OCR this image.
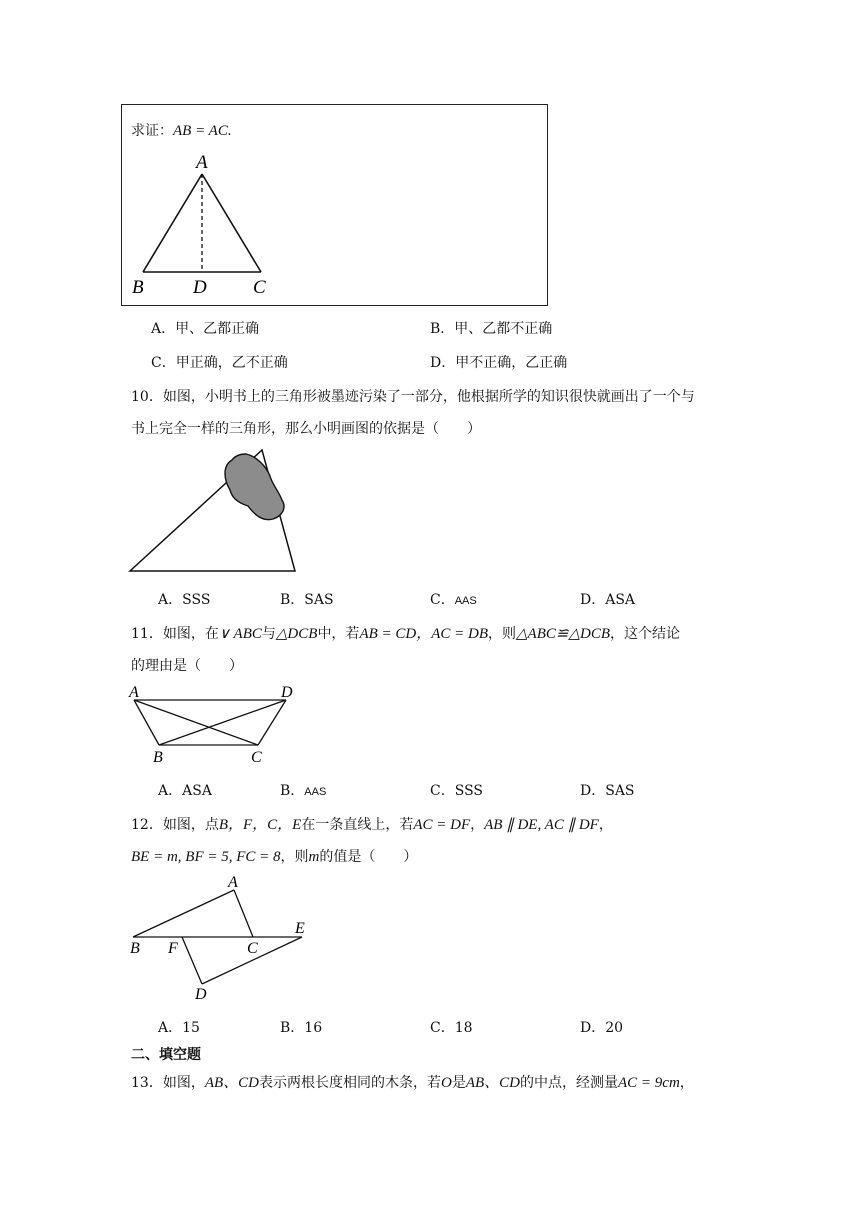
求证：AB = AC.
A
B	D C
A．甲、乙都正确	B．甲、乙都不正确
C．甲正确，乙不正确	D．甲不正确，乙正确
10．如图，小明书上的三角形被墨迹污染了一部分，他根据所学的知识很快就画出了一个与
书上完全一样的三角形，那么小明画图的依据是（　　）
A．SSS	B．SAS	C．AAS	D．ASA
11．如图，在∨ ABC与△DCB中，若AB = CD，AC = DB，则△ABC≌△DCB，这个结论
的理由是（　　）
A	D
B	C
A．ASA	B．AAS	C．SSS	D．SAS
12．如图，点B，F，C，E在一条直线上，若AC = DF，AB ∥ DE, AC ∥ DF，
BE = m, BF = 5, FC = 8，则m的值是（　　）
A
E
B F	C
D
A．15	B．16	C．18	D．20
二、填空题
13．如图，AB、CD表示两根长度相同的木条，若O是AB、CD的中点，经测量AC = 9cm，
